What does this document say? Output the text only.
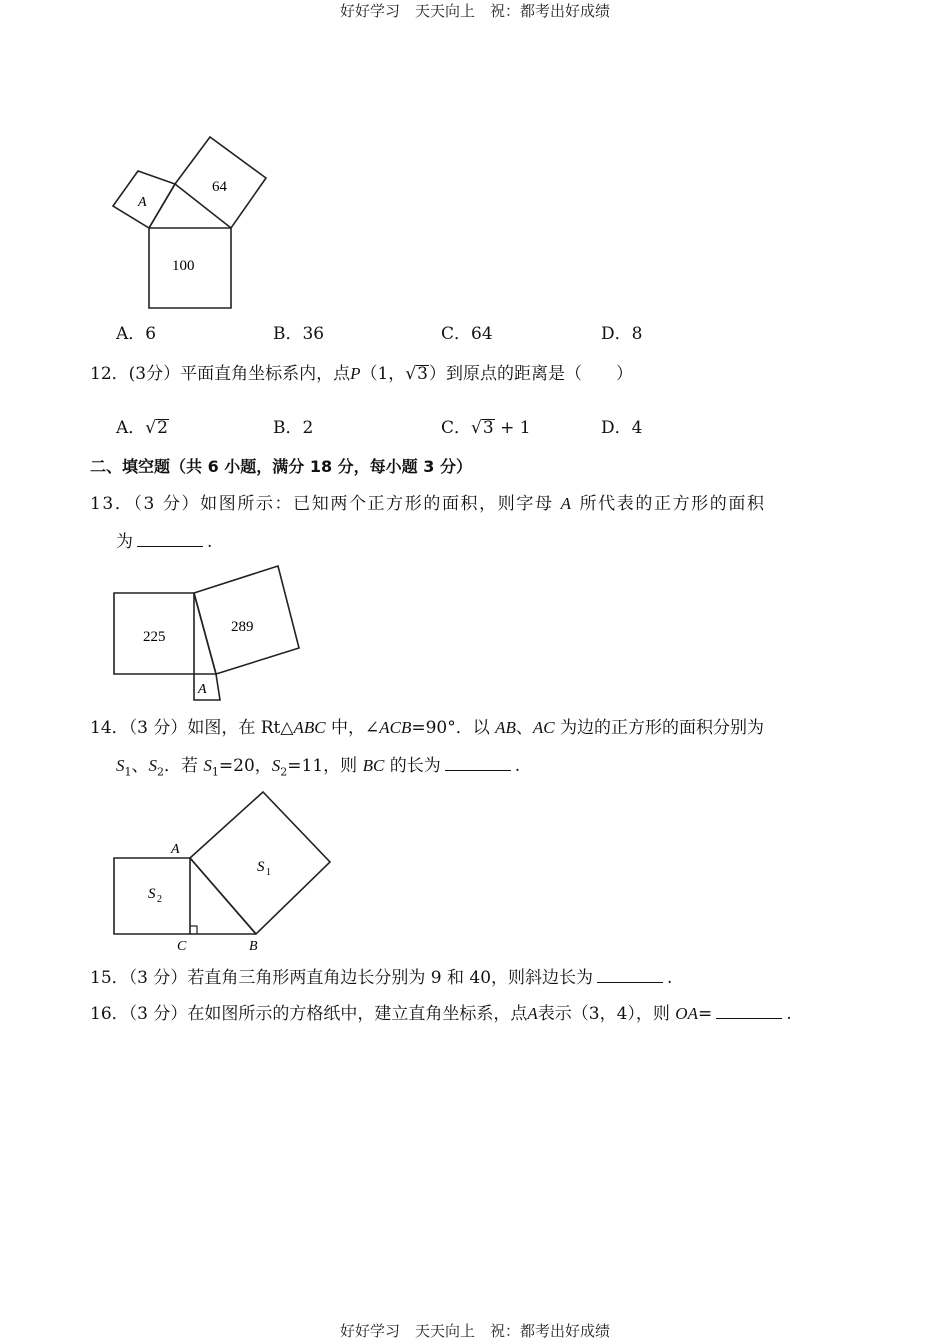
好好学习　天天向上　祝：都考出好成绩
A
64
100
A．6	B．36	C．64	D．8
12．(3分）平面直角坐标系内，点P（1，√3）到原点的距离是（　　）
A．√2	B．2	C．√3 + 1	D．4
二、填空题（共 6 小题，满分 18 分，每小题 3 分）
13．（3 分）如图所示：已知两个正方形的面积，则字母 A 所代表的正方形的面积
为	.
225
289
A
14．（3 分）如图，在 Rt△ABC 中，∠ACB=90°．以 AB、AC 为边的正方形的面积分别为
$S_1$、$S_2$．若 $S_1=20$，$S_2=11$，则 BC 的长为	.
A
B
C
S 1
S 2
15．（3 分）若直角三角形两直角边长分别为 9 和 40，则斜边长为	.
16．（3 分）在如图所示的方格纸中，建立直角坐标系，点A表示（3，4），则 OA=	.
好好学习　天天向上　祝：都考出好成绩
